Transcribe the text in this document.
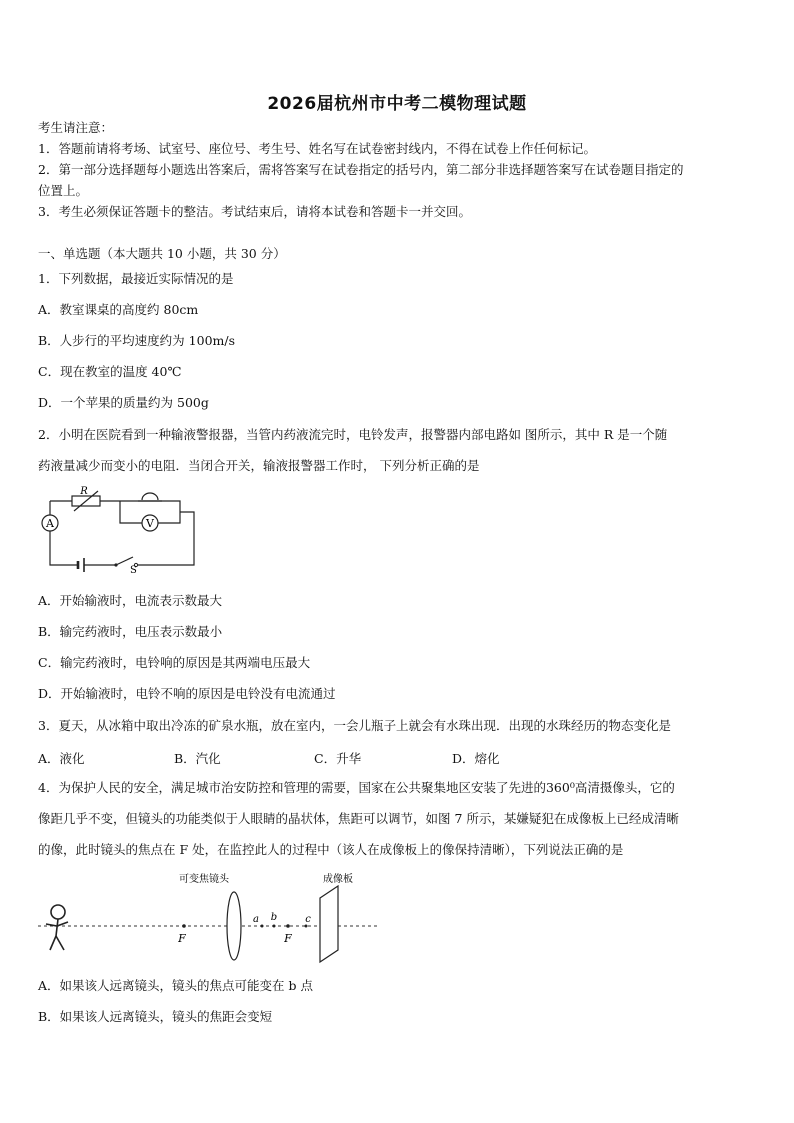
2026届杭州市中考二模物理试题
考生请注意：
1．答题前请将考场、试室号、座位号、考生号、姓名写在试卷密封线内，不得在试卷上作任何标记。
2．第一部分选择题每小题选出答案后，需将答案写在试卷指定的括号内，第二部分非选择题答案写在试卷题目指定的
位置上。
3．考生必须保证答题卡的整洁。考试结束后，请将本试卷和答题卡一并交回。
一、单选题（本大题共 10 小题，共 30 分）
1．下列数据，最接近实际情况的是
A．教室课桌的高度约 80cm
B．人步行的平均速度约为 100m/s
C．现在教室的温度 40℃
D．一个苹果的质量约为 500g
2．小明在医院看到一种输液警报器，当管内药液流完时，电铃发声，报警器内部电路如 图所示，其中 R 是一个随
药液量减少而变小的电阻．当闭合开关，输液报警器工作时， 下列分析正确的是
A	V
R
S
A．开始输液时，电流表示数最大
B．输完药液时，电压表示数最小
C．输完药液时，电铃响的原因是其两端电压最大
D．开始输液时，电铃不响的原因是电铃没有电流通过
3．夏天，从冰箱中取出冷冻的矿泉水瓶，放在室内，一会儿瓶子上就会有水珠出现．出现的水珠经历的物态变化是
A．液化	B．汽化	C．升华	D．熔化
4．为保护人民的安全，满足城市治安防控和管理的需要，国家在公共聚集地区安装了先进的360⁰高清摄像头，它的
像距几乎不变，但镜头的功能类似于人眼睛的晶状体，焦距可以调节，如图 7 所示，某嫌疑犯在成像板上已经成清晰
的像，此时镜头的焦点在 F 处，在监控此人的过程中（该人在成像板上的像保持清晰），下列说法正确的是
可变焦镜头	成像板
F	F
a b	c
A．如果该人远离镜头，镜头的焦点可能变在 b 点
B．如果该人远离镜头，镜头的焦距会变短
